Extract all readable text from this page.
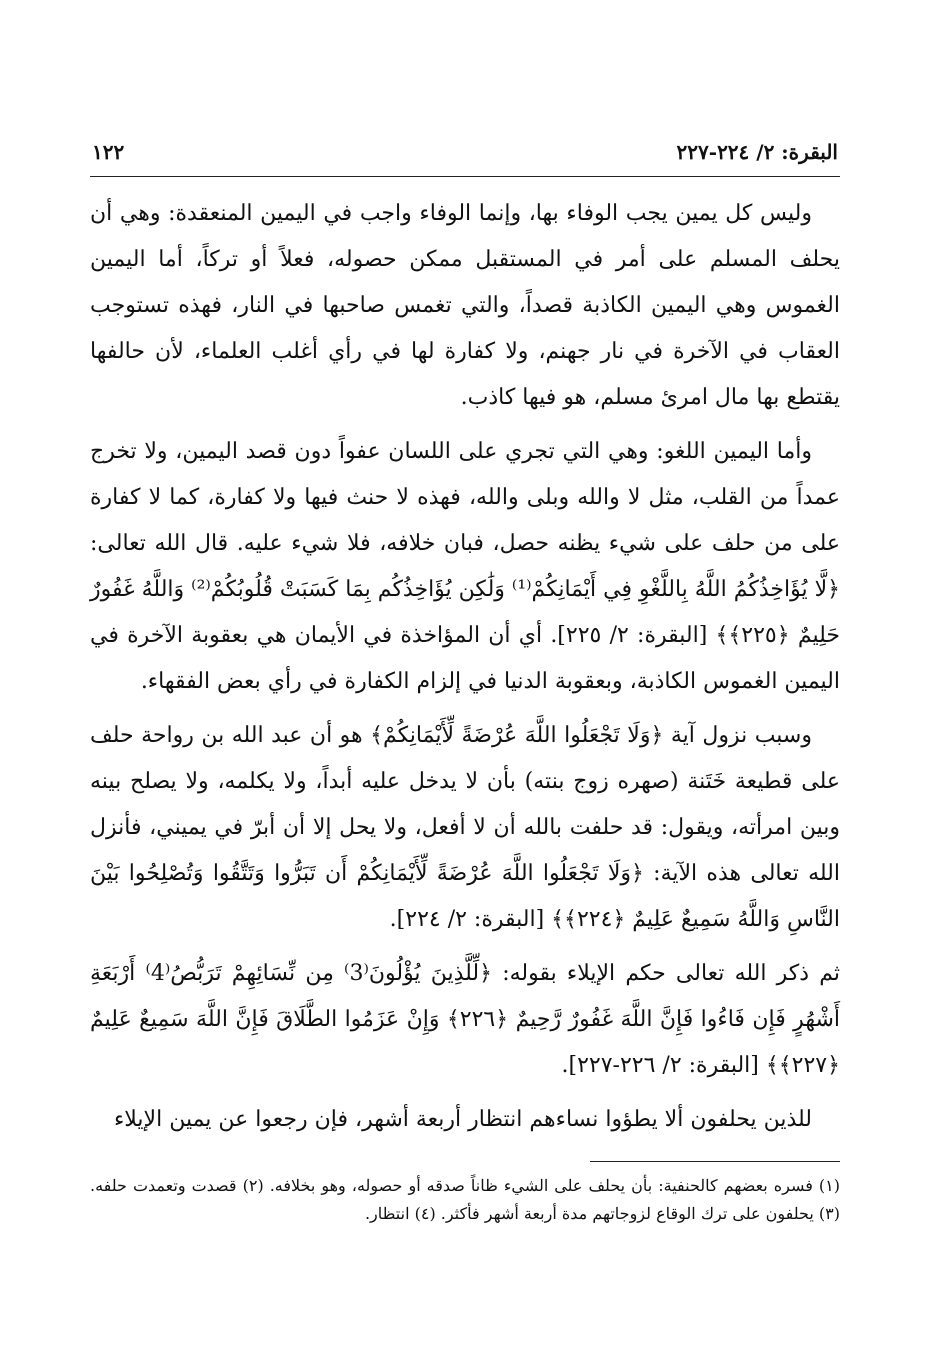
البقرة: ٢/ ٢٢٤-٢٢٧
١٢٢

وليس كل يمين يجب الوفاء بها، وإنما الوفاء واجب في اليمين المنعقدة: وهي أن يحلف المسلم على أمر في المستقبل ممكن حصوله، فعلاً أو تركاً، أما اليمين الغموس وهي اليمين الكاذبة قصداً، والتي تغمس صاحبها في النار، فهذه تستوجب العقاب في الآخرة في نار جهنم، ولا كفارة لها في رأي أغلب العلماء، لأن حالفها يقتطع بها مال امرئ مسلم، هو فيها كاذب.

وأما اليمين اللغو: وهي التي تجري على اللسان عفواً دون قصد اليمين، ولا تخرج عمداً من القلب، مثل لا والله وبلى والله، فهذه لا حنث فيها ولا كفارة، كما لا كفارة على من حلف على شيء يظنه حصل، فبان خلافه، فلا شيء عليه. قال الله تعالى: ﴿لَّا يُؤَاخِذُكُمُ اللَّهُ بِاللَّغْوِ فِي أَيْمَانِكُمْ⁽¹⁾ وَلَٰكِن يُؤَاخِذُكُم بِمَا كَسَبَتْ قُلُوبُكُمْ⁽²⁾ وَاللَّهُ غَفُورٌ حَلِيمٌ ﴿٢٢٥﴾﴾ [البقرة: ٢/ ٢٢٥]. أي أن المؤاخذة في الأيمان هي بعقوبة الآخرة في اليمين الغموس الكاذبة، وبعقوبة الدنيا في إلزام الكفارة في رأي بعض الفقهاء.

وسبب نزول آية ﴿وَلَا تَجْعَلُوا اللَّهَ عُرْضَةً لِّأَيْمَانِكُمْ﴾ هو أن عبد الله بن رواحة حلف على قطيعة خَتَنة (صهره زوج بنته) بأن لا يدخل عليه أبداً، ولا يكلمه، ولا يصلح بينه وبين امرأته، ويقول: قد حلفت بالله أن لا أفعل، ولا يحل إلا أن أبرّ في يميني، فأنزل الله تعالى هذه الآية: ﴿وَلَا تَجْعَلُوا اللَّهَ عُرْضَةً لِّأَيْمَانِكُمْ أَن تَبَرُّوا وَتَتَّقُوا وَتُصْلِحُوا بَيْنَ النَّاسِ وَاللَّهُ سَمِيعٌ عَلِيمٌ ﴿٢٢٤﴾﴾ [البقرة: ٢/ ٢٢٤].

ثم ذكر الله تعالى حكم الإيلاء بقوله: ﴿لِّلَّذِينَ يُؤْلُونَ⁽3⁾ مِن نِّسَائِهِمْ تَرَبُّصُ⁽4⁾ أَرْبَعَةِ أَشْهُرٍ فَإِن فَاءُوا فَإِنَّ اللَّهَ غَفُورٌ رَّحِيمٌ ﴿٢٢٦﴾ وَإِنْ عَزَمُوا الطَّلَاقَ فَإِنَّ اللَّهَ سَمِيعٌ عَلِيمٌ ﴿٢٢٧﴾﴾ [البقرة: ٢/ ٢٢٦-٢٢٧].

للذين يحلفون ألا يطؤوا نساءهم انتظار أربعة أشهر، فإن رجعوا عن يمين الإيلاء

(١) فسره بعضهم كالحنفية: بأن يحلف على الشيء ظاناً صدقه أو حصوله، وهو بخلافه. (٢) قصدت وتعمدت حلفه. (٣) يحلفون على ترك الوقاع لزوجاتهم مدة أربعة أشهر فأكثر. (٤) انتظار.
